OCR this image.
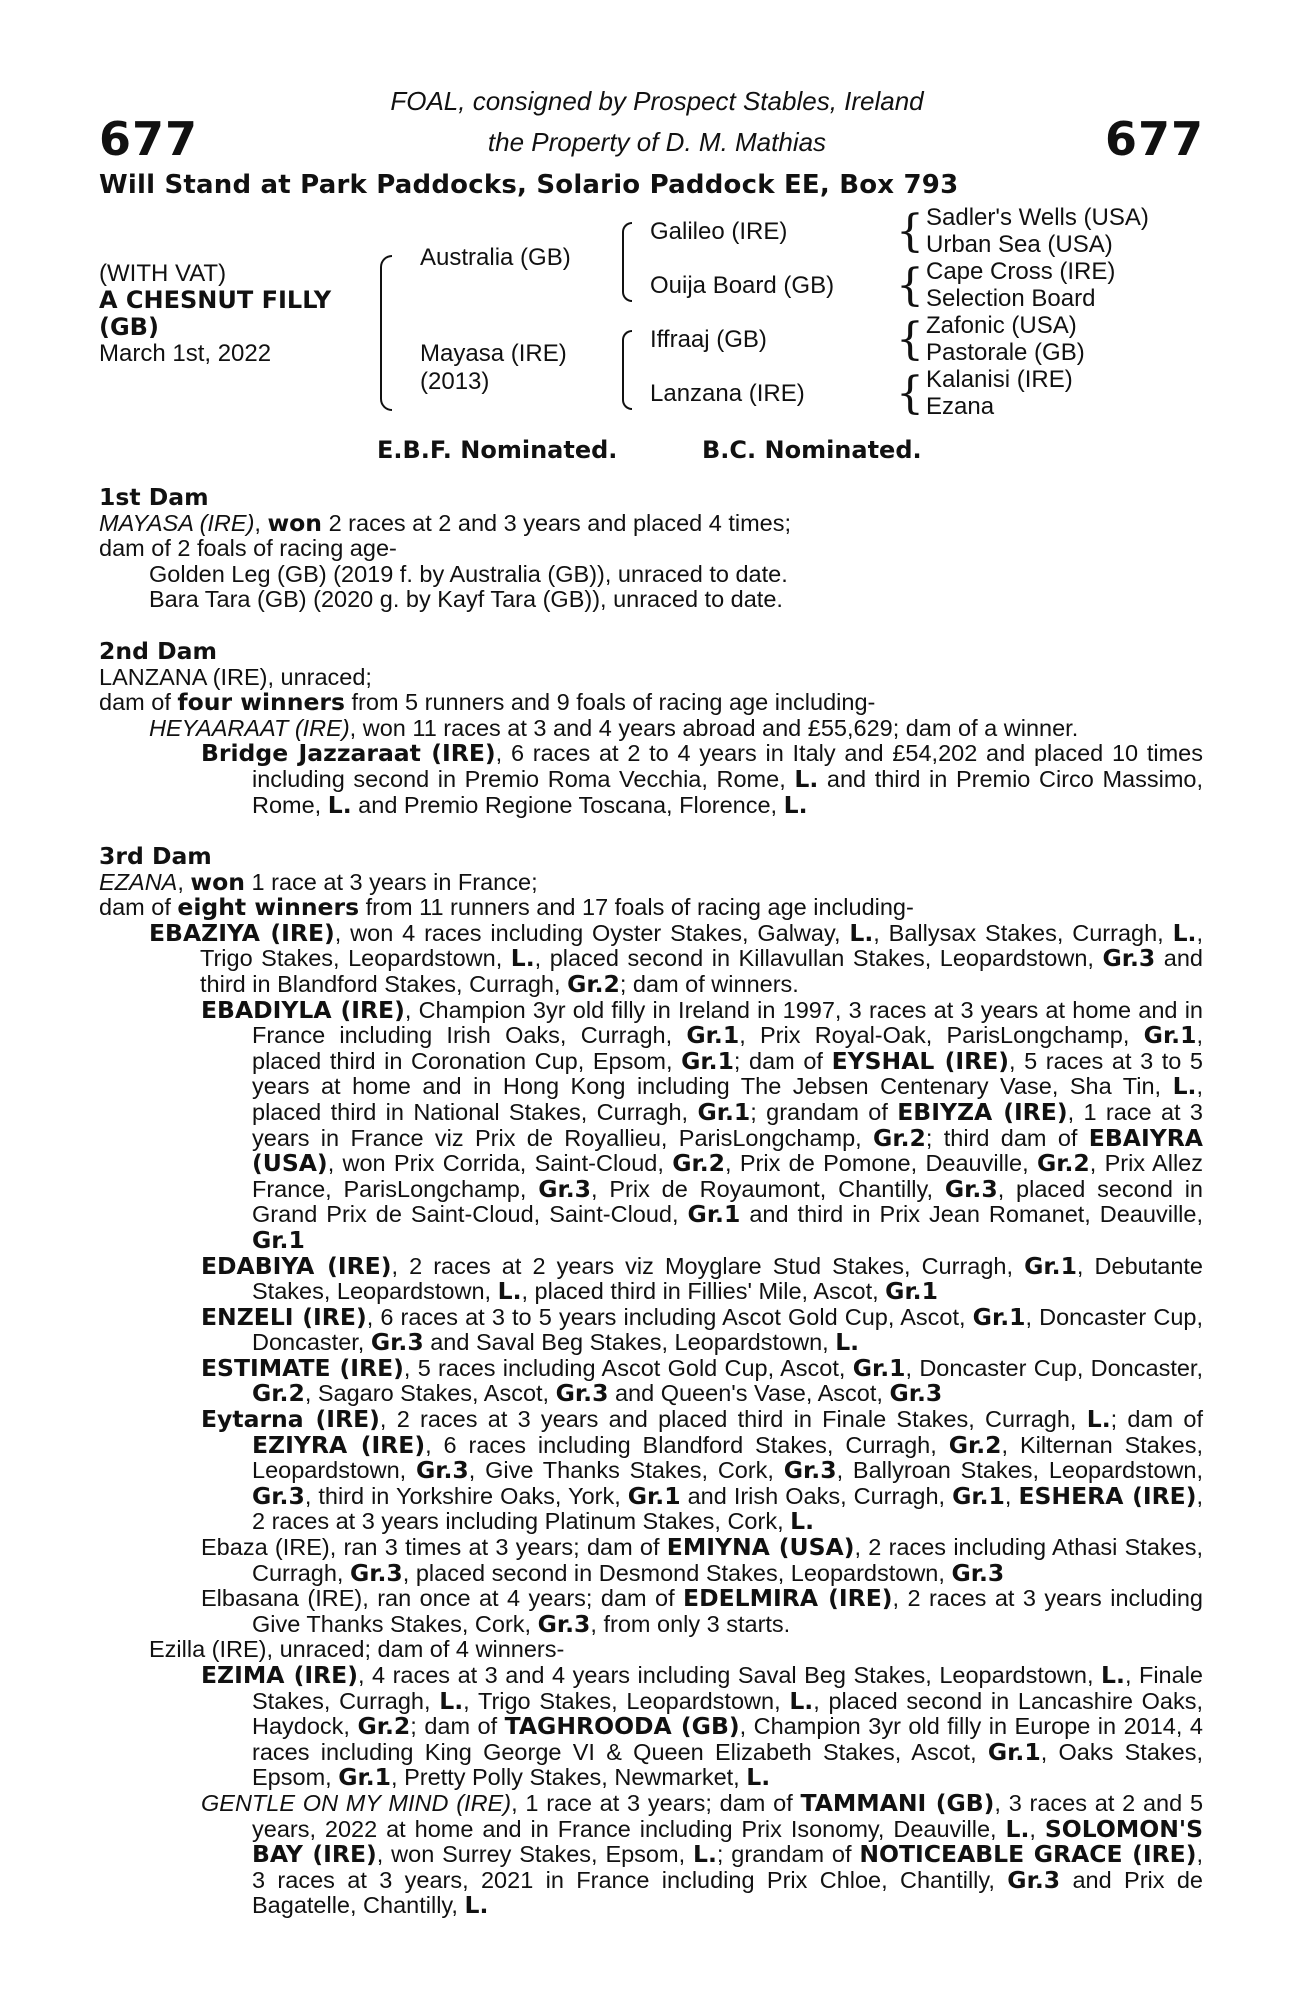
677	677
FOAL, consigned by Prospect Stables, Ireland
the Property of D. M. Mathias
Will Stand at Park Paddocks, Solario Paddock EE, Box 793
(WITH VAT)
A CHESNUT FILLY
(GB)
March 1st, 2022
{
{
{
{
Australia (GB)
Mayasa (IRE)
(2013)
Galileo (IRE)
Ouija Board (GB)
Iffraaj (GB)
Lanzana (IRE)
Sadler's Wells (USA)
Urban Sea (USA)
Cape Cross (IRE)
Selection Board
Zafonic (USA)
Pastorale (GB)
Kalanisi (IRE)
Ezana
E.B.F. Nominated.	B.C. Nominated.

1st Dam

MAYASA (IRE), won 2 races at 2 and 3 years and placed 4 times;

dam of 2 foals of racing age-

Golden Leg (GB) (2019 f. by Australia (GB)), unraced to date.

Bara Tara (GB) (2020 g. by Kayf Tara (GB)), unraced to date.

2nd Dam

LANZANA (IRE), unraced;

dam of four winners from 5 runners and 9 foals of racing age including-

HEYAARAAT (IRE), won 11 races at 3 and 4 years abroad and £55,629; dam of a winner.

Bridge Jazzaraat (IRE), 6 races at 2 to 4 years in Italy and £54,202 and placed 10 times including second in Premio Roma Vecchia, Rome, L. and third in Premio Circo Massimo, Rome, L. and Premio Regione Toscana, Florence, L.

3rd Dam

EZANA, won 1 race at 3 years in France;

dam of eight winners from 11 runners and 17 foals of racing age including-

EBAZIYA (IRE), won 4 races including Oyster Stakes, Galway, L., Ballysax Stakes, Curragh, L., Trigo Stakes, Leopardstown, L., placed second in Killavullan Stakes, Leopardstown, Gr.3 and third in Blandford Stakes, Curragh, Gr.2; dam of winners.

EBADIYLA (IRE), Champion 3yr old filly in Ireland in 1997, 3 races at 3 years at home and in France including Irish Oaks, Curragh, Gr.1, Prix Royal-Oak, ParisLongchamp, Gr.1, placed third in Coronation Cup, Epsom, Gr.1; dam of EYSHAL (IRE), 5 races at 3 to 5 years at home and in Hong Kong including The Jebsen Centenary Vase, Sha Tin, L., placed third in National Stakes, Curragh, Gr.1; grandam of EBIYZA (IRE), 1 race at 3 years in France viz Prix de Royallieu, ParisLongchamp, Gr.2; third dam of EBAIYRA (USA), won Prix Corrida, Saint-Cloud, Gr.2, Prix de Pomone, Deauville, Gr.2, Prix Allez France, ParisLongchamp, Gr.3, Prix de Royaumont, Chantilly, Gr.3, placed second in Grand Prix de Saint-Cloud, Saint-Cloud, Gr.1 and third in Prix Jean Romanet, Deauville, Gr.1

EDABIYA (IRE), 2 races at 2 years viz Moyglare Stud Stakes, Curragh, Gr.1, Debutante Stakes, Leopardstown, L., placed third in Fillies' Mile, Ascot, Gr.1

ENZELI (IRE), 6 races at 3 to 5 years including Ascot Gold Cup, Ascot, Gr.1, Doncaster Cup, Doncaster, Gr.3 and Saval Beg Stakes, Leopardstown, L.

ESTIMATE (IRE), 5 races including Ascot Gold Cup, Ascot, Gr.1, Doncaster Cup, Doncaster, Gr.2, Sagaro Stakes, Ascot, Gr.3 and Queen's Vase, Ascot, Gr.3

Eytarna (IRE), 2 races at 3 years and placed third in Finale Stakes, Curragh, L.; dam of EZIYRA (IRE), 6 races including Blandford Stakes, Curragh, Gr.2, Kilternan Stakes, Leopardstown, Gr.3, Give Thanks Stakes, Cork, Gr.3, Ballyroan Stakes, Leopardstown, Gr.3, third in Yorkshire Oaks, York, Gr.1 and Irish Oaks, Curragh, Gr.1, ESHERA (IRE), 2 races at 3 years including Platinum Stakes, Cork, L.

Ebaza (IRE), ran 3 times at 3 years; dam of EMIYNA (USA), 2 races including Athasi Stakes, Curragh, Gr.3, placed second in Desmond Stakes, Leopardstown, Gr.3

Elbasana (IRE), ran once at 4 years; dam of EDELMIRA (IRE), 2 races at 3 years including Give Thanks Stakes, Cork, Gr.3, from only 3 starts.

Ezilla (IRE), unraced; dam of 4 winners-

EZIMA (IRE), 4 races at 3 and 4 years including Saval Beg Stakes, Leopardstown, L., Finale Stakes, Curragh, L., Trigo Stakes, Leopardstown, L., placed second in Lancashire Oaks, Haydock, Gr.2; dam of TAGHROODA (GB), Champion 3yr old filly in Europe in 2014, 4 races including King George VI & Queen Elizabeth Stakes, Ascot, Gr.1, Oaks Stakes, Epsom, Gr.1, Pretty Polly Stakes, Newmarket, L.

GENTLE ON MY MIND (IRE), 1 race at 3 years; dam of TAMMANI (GB), 3 races at 2 and 5 years, 2022 at home and in France including Prix Isonomy, Deauville, L., SOLOMON'S BAY (IRE), won Surrey Stakes, Epsom, L.; grandam of NOTICEABLE GRACE (IRE), 3 races at 3 years, 2021 in France including Prix Chloe, Chantilly, Gr.3 and Prix de Bagatelle, Chantilly, L.
